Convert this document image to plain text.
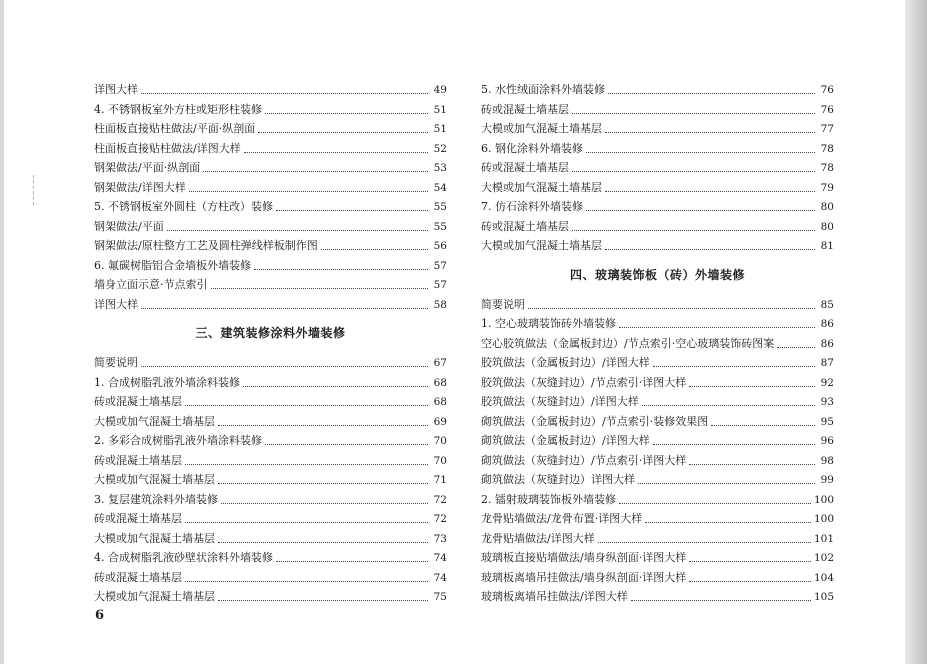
详图大样	49
4. 不锈钢板室外方柱或矩形柱装修	51
柱面板直接贴柱做法/平面·纵剖面	51
柱面板直接贴柱做法/详图大样	52
钢架做法/平面·纵剖面	53
钢架做法/详图大样	54
5. 不锈钢板室外圆柱（方柱改）装修	55
钢架做法/平面	55
钢架做法/原柱整方工艺及圆柱弹线样板制作图	56
6. 氟碳树脂铝合金墙板外墙装修	57
墙身立面示意·节点索引	57
详图大样	58
三、建筑装修涂料外墙装修
简要说明	67
1. 合成树脂乳液外墙涂料装修	68
砖或混凝土墙基层	68
大模或加气混凝土墙基层	69
2. 多彩合成树脂乳液外墙涂料装修	70
砖或混凝土墙基层	70
大模或加气混凝土墙基层	71
3. 复层建筑涂料外墙装修	72
砖或混凝土墙基层	72
大模或加气混凝土墙基层	73
4. 合成树脂乳液砂壁状涂料外墙装修	74
砖或混凝土墙基层	74
大模或加气混凝土墙基层	75
5. 水性绒面涂料外墙装修	76
砖或混凝土墙基层	76
大模或加气混凝土墙基层	77
6. 钢化涂料外墙装修	78
砖或混凝土墙基层	78
大模或加气混凝土墙基层	79
7. 仿石涂料外墙装修	80
砖或混凝土墙基层	80
大模或加气混凝土墙基层	81
四、玻璃装饰板（砖）外墙装修
简要说明	85
1. 空心玻璃装饰砖外墙装修	86
空心胶筑做法（金属板封边）/节点索引·空心玻璃装饰砖图案	86
胶筑做法（金属板封边）/详图大样	87
胶筑做法（灰缝封边）/节点索引·详图大样	92
胶筑做法（灰缝封边）/详图大样	93
砌筑做法（金属板封边）/节点索引·装修效果图	95
砌筑做法（金属板封边）/详图大样	96
砌筑做法（灰缝封边）/节点索引·详图大样	98
砌筑做法（灰缝封边）详图大样	99
2. 镭射玻璃装饰板外墙装修	100
龙骨贴墙做法/龙骨布置·详图大样	100
龙骨贴墙做法/详图大样	101
玻璃板直接贴墙做法/墙身纵剖面·详图大样	102
玻璃板离墙吊挂做法/墙身纵剖面·详图大样	104
玻璃板离墙吊挂做法/详图大样	105
6
